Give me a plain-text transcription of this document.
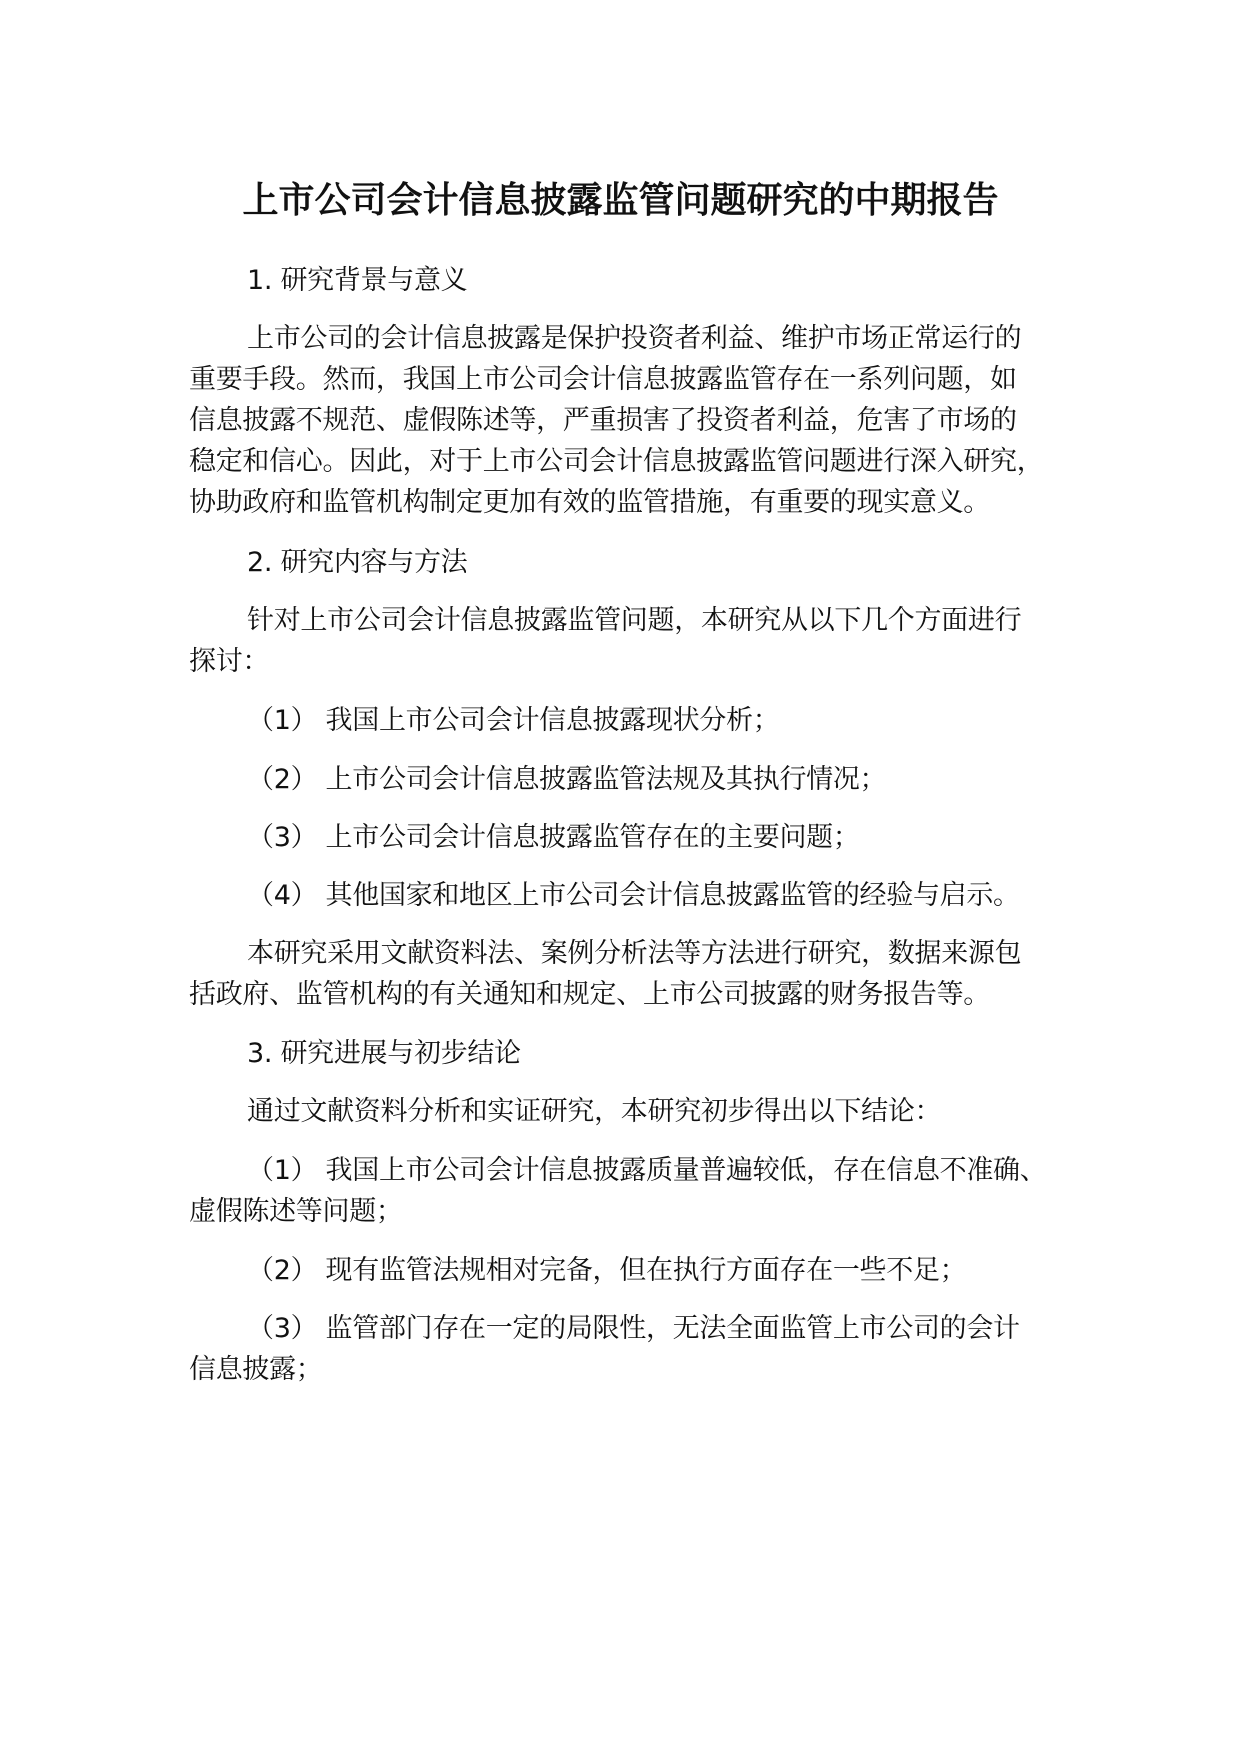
上市公司会计信息披露监管问题研究的中期报告
1. 研究背景与意义
上市公司的会计信息披露是保护投资者利益、维护市场正常运行的
重要手段。然而，我国上市公司会计信息披露监管存在一系列问题，如
信息披露不规范、虚假陈述等，严重损害了投资者利益，危害了市场的
稳定和信心。因此，对于上市公司会计信息披露监管问题进行深入研究，
协助政府和监管机构制定更加有效的监管措施，有重要的现实意义。
2. 研究内容与方法
针对上市公司会计信息披露监管问题，本研究从以下几个方面进行
探讨：
（1） 我国上市公司会计信息披露现状分析；
（2） 上市公司会计信息披露监管法规及其执行情况；
（3） 上市公司会计信息披露监管存在的主要问题；
（4） 其他国家和地区上市公司会计信息披露监管的经验与启示。
本研究采用文献资料法、案例分析法等方法进行研究，数据来源包
括政府、监管机构的有关通知和规定、上市公司披露的财务报告等。
3. 研究进展与初步结论
通过文献资料分析和实证研究，本研究初步得出以下结论：
（1） 我国上市公司会计信息披露质量普遍较低，存在信息不准确、
虚假陈述等问题；
（2） 现有监管法规相对完备，但在执行方面存在一些不足；
（3） 监管部门存在一定的局限性，无法全面监管上市公司的会计
信息披露；
